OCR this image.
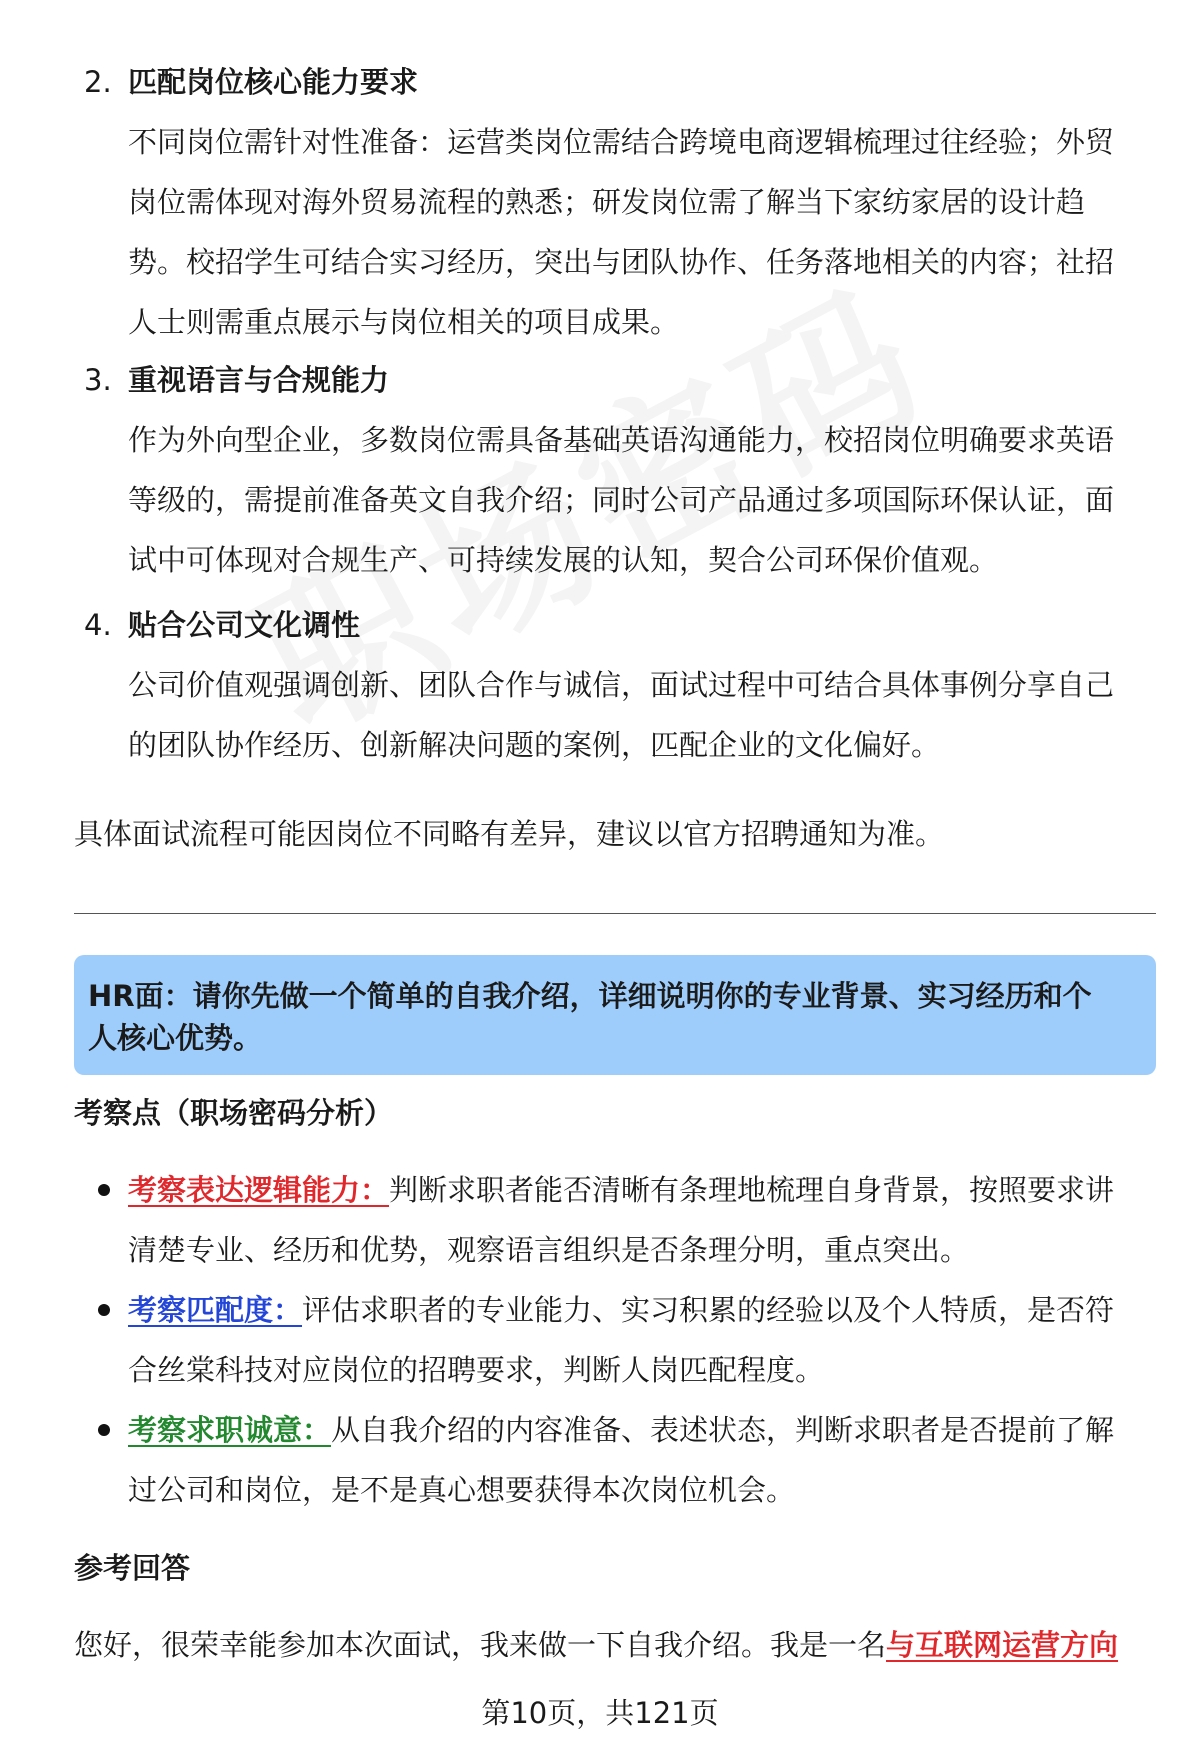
2. 匹配岗位核心能力要求
不同岗位需针对性准备：运营类岗位需结合跨境电商逻辑梳理过往经验；外贸
岗位需体现对海外贸易流程的熟悉；研发岗位需了解当下家纺家居的设计趋
势。校招学生可结合实习经历，突出与团队协作、任务落地相关的内容；社招
人士则需重点展示与岗位相关的项目成果。
3. 重视语言与合规能力
作为外向型企业，多数岗位需具备基础英语沟通能力，校招岗位明确要求英语
等级的，需提前准备英文自我介绍；同时公司产品通过多项国际环保认证，面
试中可体现对合规生产、可持续发展的认知，契合公司环保价值观。
4. 贴合公司文化调性
公司价值观强调创新、团队合作与诚信，面试过程中可结合具体事例分享自己
的团队协作经历、创新解决问题的案例，匹配企业的文化偏好。
具体面试流程可能因岗位不同略有差异，建议以官方招聘通知为准。
HR面：请你先做一个简单的自我介绍，详细说明你的专业背景、实习经历和个
人核心优势。
考察点（职场密码分析）
考察表达逻辑能力：判断求职者能否清晰有条理地梳理自身背景，按照要求讲
清楚专业、经历和优势，观察语言组织是否条理分明，重点突出。
考察匹配度：评估求职者的专业能力、实习积累的经验以及个人特质，是否符
合丝棠科技对应岗位的招聘要求，判断人岗匹配程度。
考察求职诚意：从自我介绍的内容准备、表述状态，判断求职者是否提前了解
过公司和岗位，是不是真心想要获得本次岗位机会。
参考回答
您好，很荣幸能参加本次面试，我来做一下自我介绍。我是一名与互联网运营方向
第10页，共121页
